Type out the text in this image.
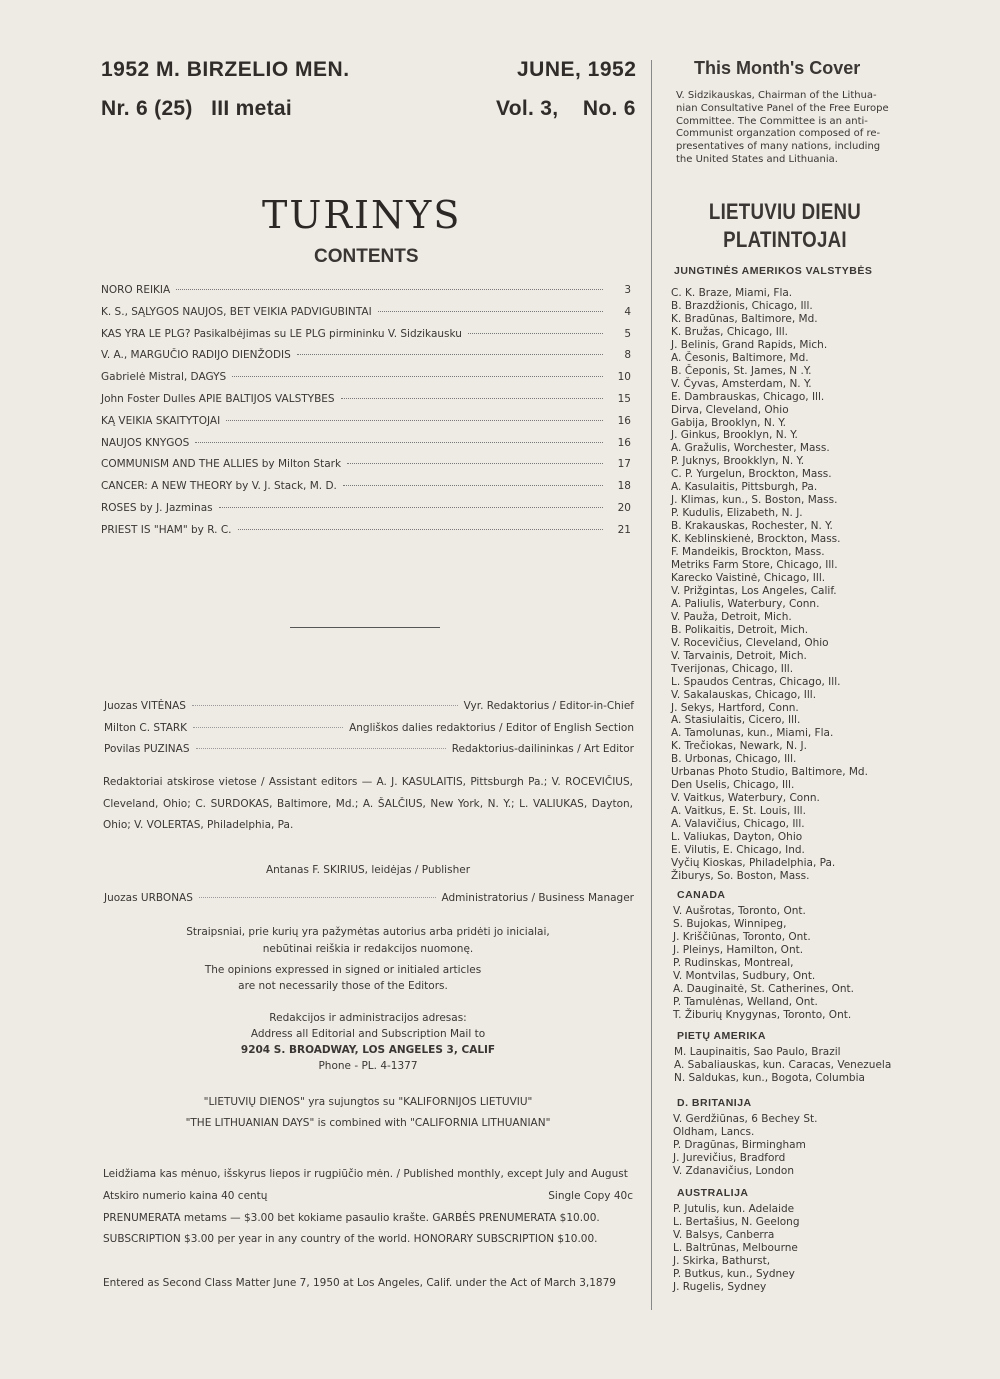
1952 M. BIRZELIO MEN.
Nr. 6 (25)   III metai
JUNE, 1952
Vol. 3,    No. 6
TURINYS
CONTENTS
NORO REIKIA	3
K. S., SĄLYGOS NAUJOS, BET VEIKIA PADVIGUBINTAI	4
KAS YRA LE PLG? Pasikalbėjimas su LE PLG pirmininku V. Sidzikausku	5
V. A., MARGUČIO RADIJO DIENŽODIS	8
Gabrielė Mistral, DAGYS	10
John Foster Dulles APIE BALTIJOS VALSTYBES	15
KĄ VEIKIA SKAITYTOJAI	16
NAUJOS KNYGOS	16
COMMUNISM AND THE ALLIES by Milton Stark	17
CANCER: A NEW THEORY by V. J. Stack, M. D.	18
ROSES by J. Jazminas	20
PRIEST IS "HAM" by R. C.	21
Juozas VITĖNAS	Vyr. Redaktorius / Editor-in-Chief
Milton C. STARK	Angliškos dalies redaktorius / Editor of English Section
Povilas PUZINAS	Redaktorius-dailininkas / Art Editor
Redaktoriai atskirose vietose / Assistant editors — A. J. KASULAITIS, Pittsburgh Pa.; V. ROCEVIČIUS, Cleveland, Ohio; C. SURDOKAS, Baltimore, Md.; A. ŠALČIUS, New York, N. Y.; L. VALIUKAS, Dayton, Ohio; V. VOLERTAS, Philadelphia, Pa.
Antanas F. SKIRIUS, leidėjas / Publisher
Juozas URBONAS	Administratorius / Business Manager
Straipsniai, prie kurių yra pažymėtas autorius arba pridėti jo inicialai,
nebūtinai reiškia ir redakcijos nuomonę.
The opinions expressed in signed or initialed articles
are not necessarily those of the Editors.
Redakcijos ir administracijos adresas:
Address all Editorial and Subscription Mail to
9204 S. BROADWAY, LOS ANGELES 3, CALIF
Phone - PL. 4-1377
"LIETUVIŲ DIENOS" yra sujungtos su "KALIFORNIJOS LIETUVIU"
"THE LITHUANIAN DAYS" is combined with "CALIFORNIA LITHUANIAN"
Leidžiama kas mėnuo, išskyrus liepos ir rugpiūčio mėn. / Published monthly, except July and August
Atskiro numerio kaina 40 centų	Single Copy 40c
PRENUMERATA metams — $3.00 bet kokiame pasaulio krašte. GARBĖS PRENUMERATA $10.00.
SUBSCRIPTION $3.00 per year in any country of the world. HONORARY SUBSCRIPTION $10.00.
Entered as Second Class Matter June 7, 1950 at Los Angeles, Calif. under the Act of March 3,1879
This Month's Cover
V. Sidzikauskas, Chairman of the Lithua-
nian Consultative Panel of the Free Europe
Committee. The Committee is an anti-
Communist organzation composed of re-
presentatives of many nations, including
the United States and Lithuania.
LIETUVIU DIENU
PLATINTOJAI
JUNGTINĖS AMERIKOS VALSTYBĖS
C. K. Braze, Miami, Fla.
B. Brazdžionis, Chicago, Ill.
K. Bradūnas, Baltimore, Md.
K. Bružas, Chicago, Ill.
J. Belinis, Grand Rapids, Mich.
A. Česonis, Baltimore, Md.
B. Čeponis, St. James, N .Y.
V. Čyvas, Amsterdam, N. Y.
E. Dambrauskas, Chicago, Ill.
Dirva, Cleveland, Ohio
Gabija, Brooklyn, N. Y.
J. Ginkus, Brooklyn, N. Y.
A. Gražulis, Worchester, Mass.
P. Juknys, Brookklyn, N. Y.
C. P. Yurgelun, Brockton, Mass.
A. Kasulaitis, Pittsburgh, Pa.
J. Klimas, kun., S. Boston, Mass.
P. Kudulis, Elizabeth, N. J.
B. Krakauskas, Rochester, N. Y.
K. Keblinskienė, Brockton, Mass.
F. Mandeikis, Brockton, Mass.
Metriks Farm Store, Chicago, Ill.
Karecko Vaistinė, Chicago, Ill.
V. Prižgintas, Los Angeles, Calif.
A. Paliulis, Waterbury, Conn.
V. Pauža, Detroit, Mich.
B. Polikaitis, Detroit, Mich.
V. Rocevičius, Cleveland, Ohio
V. Tarvainis, Detroit, Mich.
Tverijonas, Chicago, Ill.
L. Spaudos Centras, Chicago, Ill.
V. Sakalauskas, Chicago, Ill.
J. Sekys, Hartford, Conn.
A. Stasiulaitis, Cicero, Ill.
A. Tamolunas, kun., Miami, Fla.
K. Trečiokas, Newark, N. J.
B. Urbonas, Chicago, Ill.
Urbanas Photo Studio, Baltimore, Md.
Den Uselis, Chicago, Ill.
V. Vaitkus, Waterbury, Conn.
A. Vaitkus, E. St. Louis, Ill.
A. Valavičius, Chicago, Ill.
L. Valiukas, Dayton, Ohio
E. Vilutis, E. Chicago, Ind.
Vyčių Kioskas, Philadelphia, Pa.
Žiburys, So. Boston, Mass.
CANADA
V. Aušrotas, Toronto, Ont.
S. Bujokas, Winnipeg,
J. Kriščiūnas, Toronto, Ont.
J. Pleinys, Hamilton, Ont.
P. Rudinskas, Montreal,
V. Montvilas, Sudbury, Ont.
A. Dauginaitė, St. Catherines, Ont.
P. Tamulėnas, Welland, Ont.
T. Žiburių Knygynas, Toronto, Ont.
PIETŲ AMERIKA
M. Laupinaitis, Sao Paulo, Brazil
A. Sabaliauskas, kun. Caracas, Venezuela
N. Saldukas, kun., Bogota, Columbia
D. BRITANIJA
V. Gerdžiūnas, 6 Bechey St.
Oldham, Lancs.
P. Dragūnas, Birmingham
J. Jurevičius, Bradford
V. Zdanavičius, London
AUSTRALIJA
P. Jutulis, kun. Adelaide
L. Bertašius, N. Geelong
V. Balsys, Canberra
L. Baltrūnas, Melbourne
J. Skirka, Bathurst,
P. Butkus, kun., Sydney
J. Rugelis, Sydney
